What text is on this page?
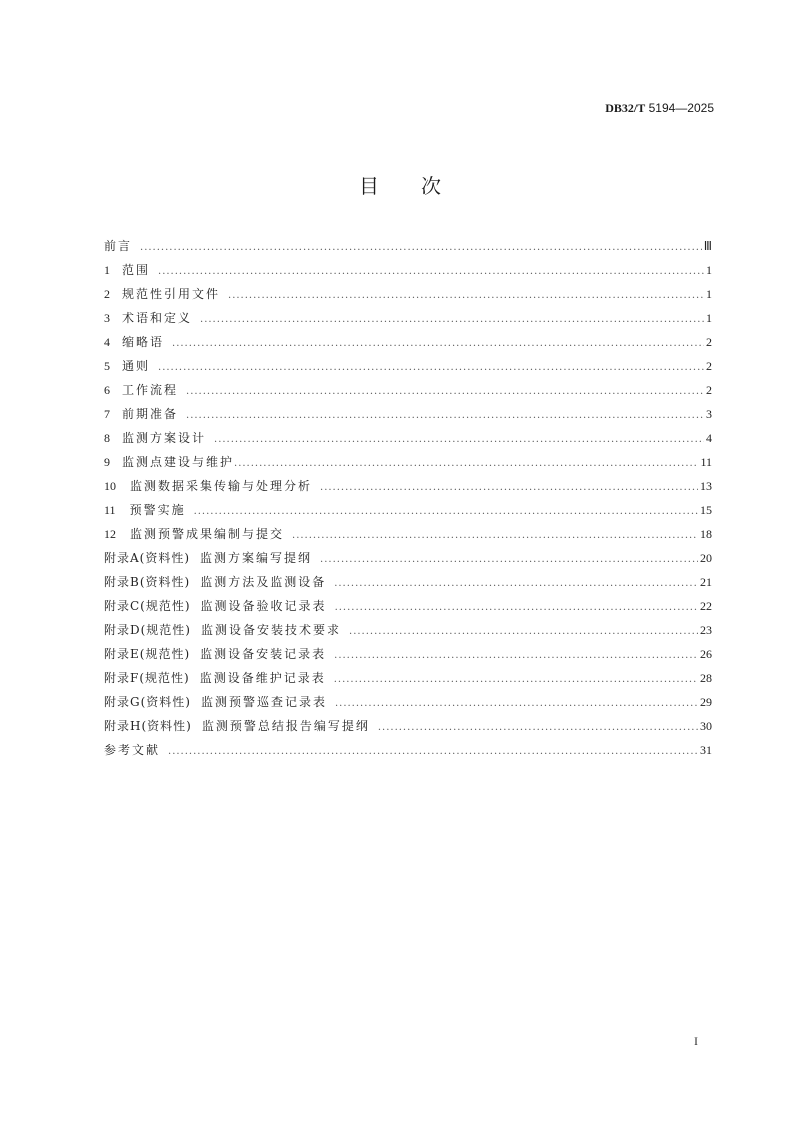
DB32/T 5194—2025
目 次
前言 .....	Ⅲ
1 范围 .....	1
2 规范性引用文件 .....	1
3 术语和定义 .....	1
4 缩略语 .....	2
5 通则 .....	2
6 工作流程 .....	2
7 前期准备 .....	3
8 监测方案设计 .....	4
9 监测点建设与维护 .....	11
10 监测数据采集传输与处理分析 .....	13
11 预警实施 .....	15
12 监测预警成果编制与提交 .....	18
附录A(资料性) 监测方案编写提纲 .....	20
附录B(资料性) 监测方法及监测设备 .....	21
附录C(规范性) 监测设备验收记录表 .....	22
附录D(规范性) 监测设备安装技术要求 .....	23
附录E(规范性) 监测设备安装记录表 .....	26
附录F(规范性) 监测设备维护记录表 .....	28
附录G(资料性) 监测预警巡查记录表 .....	29
附录H(资料性) 监测预警总结报告编写提纲 .....	30
参考文献 .....	31
I
